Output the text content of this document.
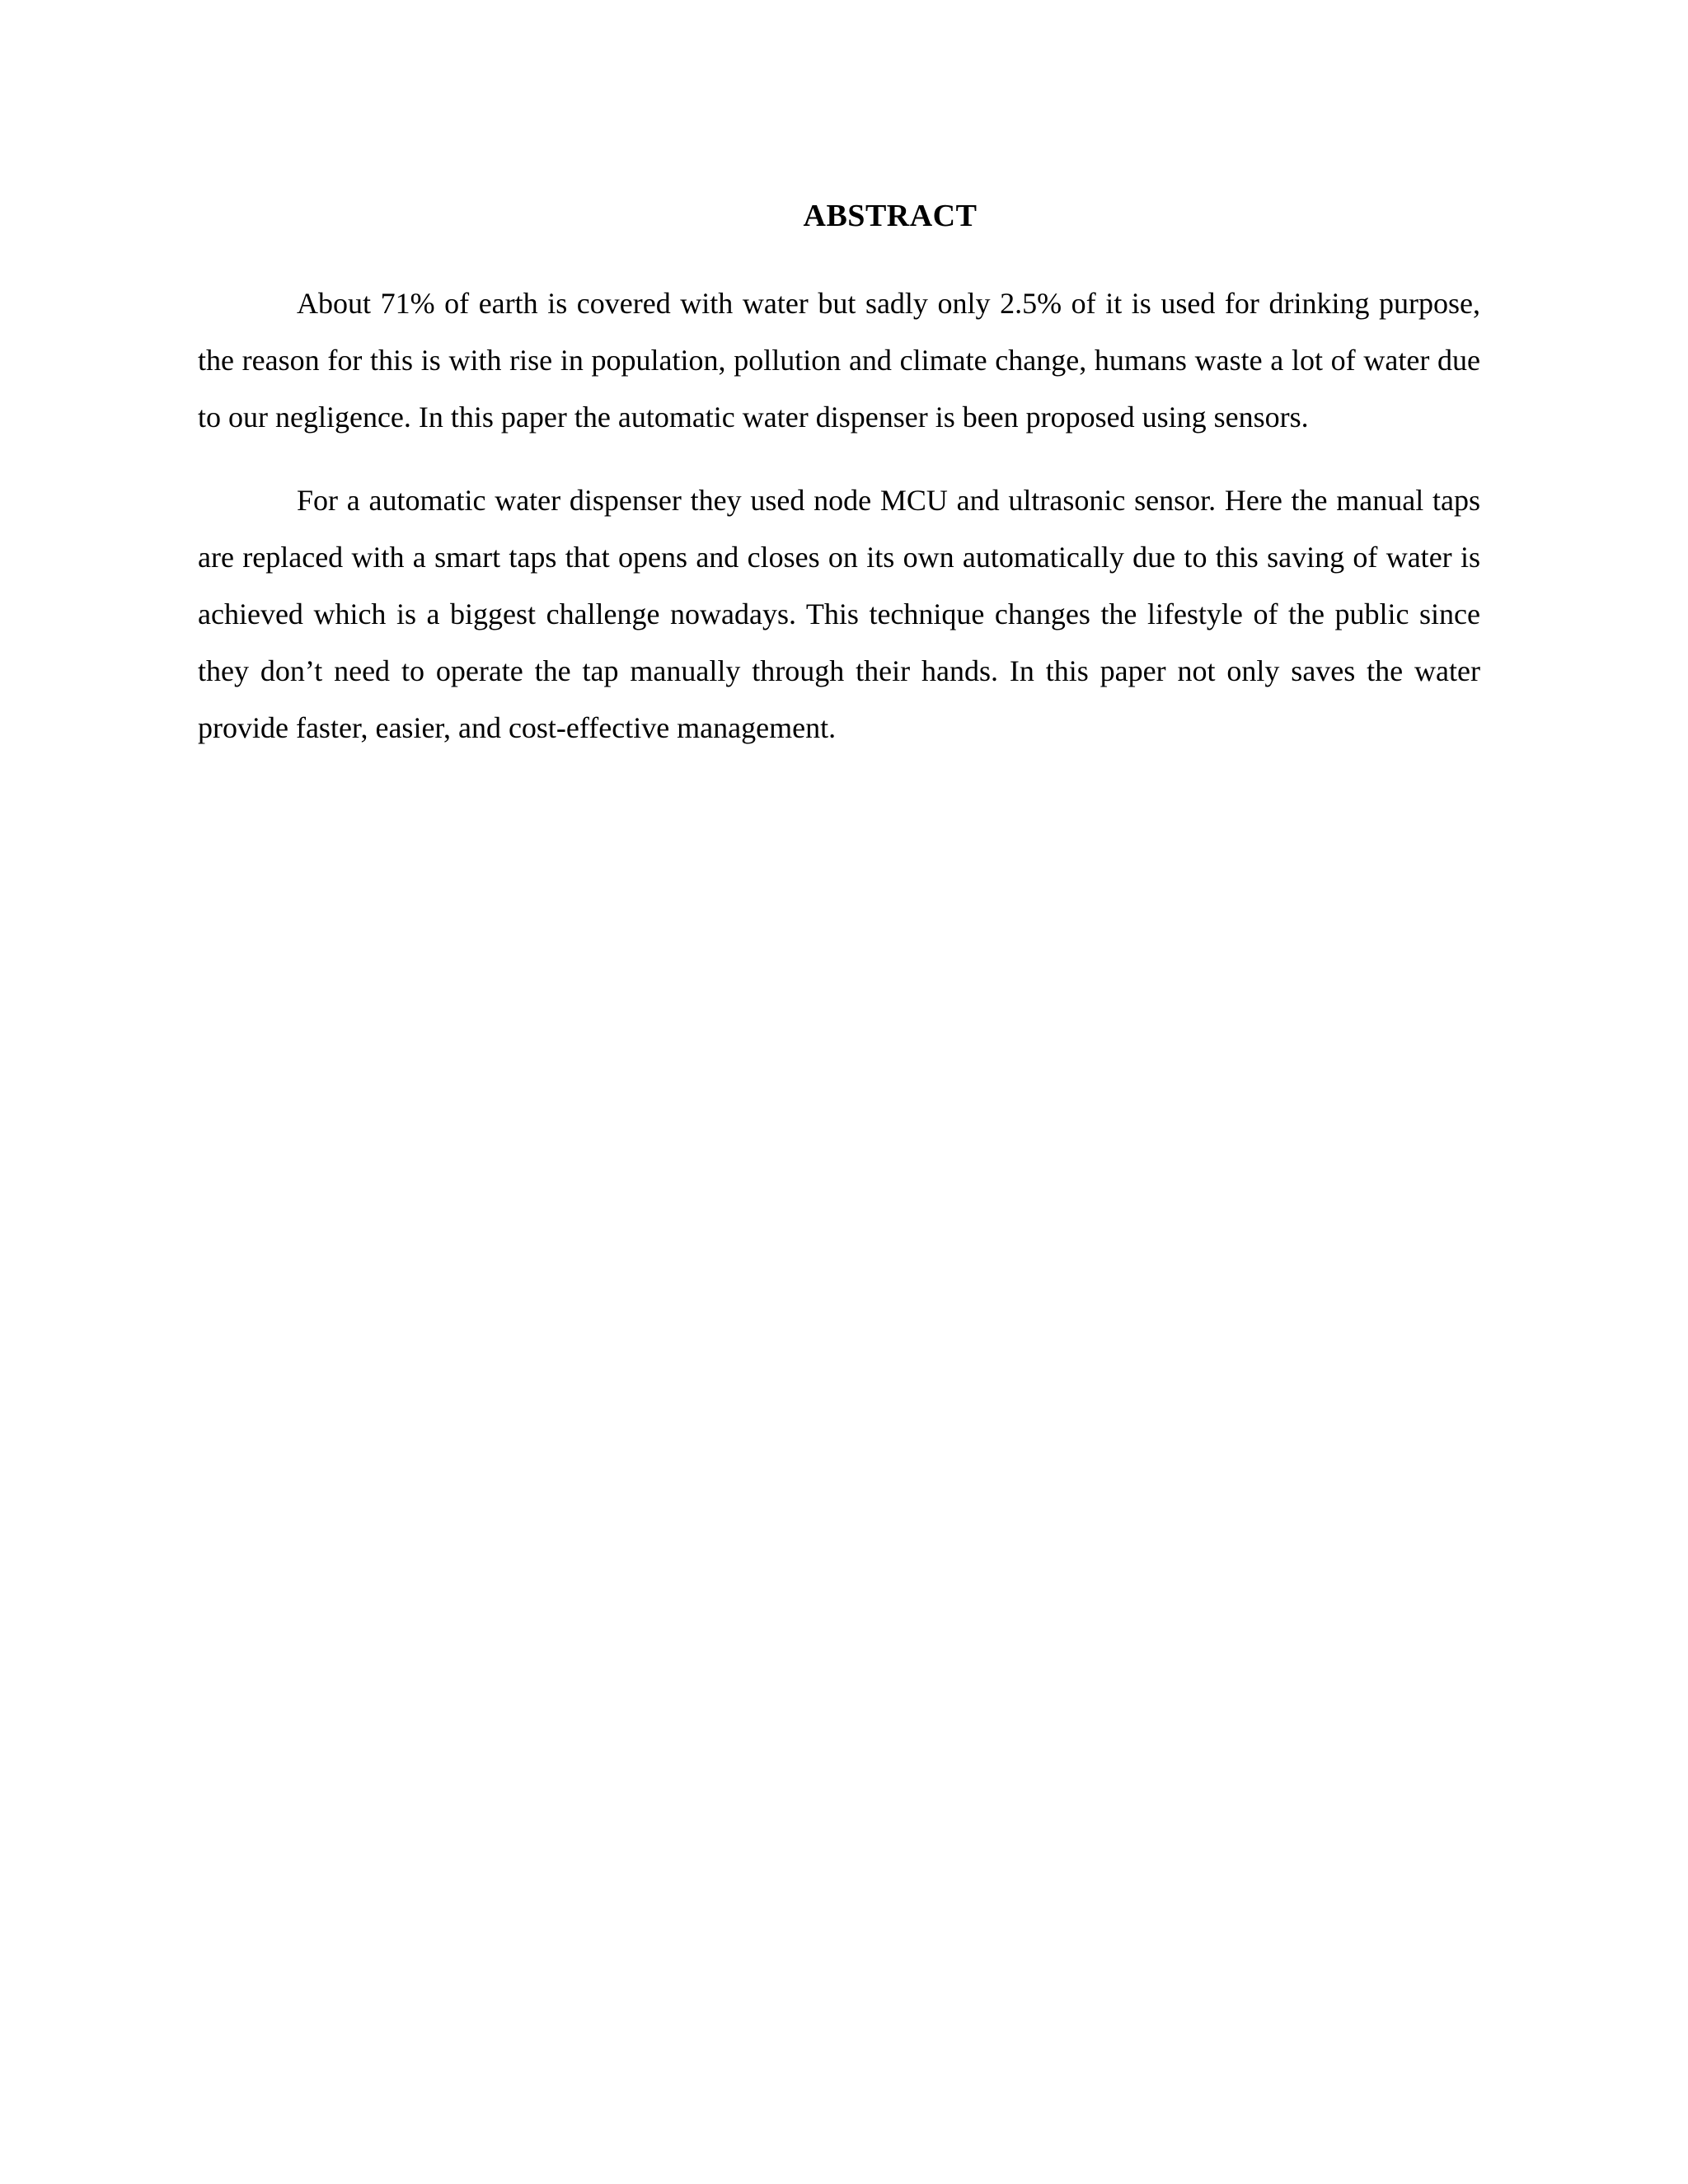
ABSTRACT

About 71% of earth is covered with water but sadly only 2.5% of it is used for drinking purpose, the reason for this is with rise in population, pollution and climate change, humans waste a lot of water due to our negligence. In this paper the automatic water dispenser is been proposed using sensors.

For a automatic water dispenser they used node MCU and ultrasonic sensor. Here the manual taps are replaced with a smart taps that opens and closes on its own automatically due to this saving of water is achieved which is a biggest challenge nowadays. This technique changes the lifestyle of the public since they don’t need to operate the tap manually through their hands. In this paper not only saves the water provide faster, easier, and cost-effective management.
